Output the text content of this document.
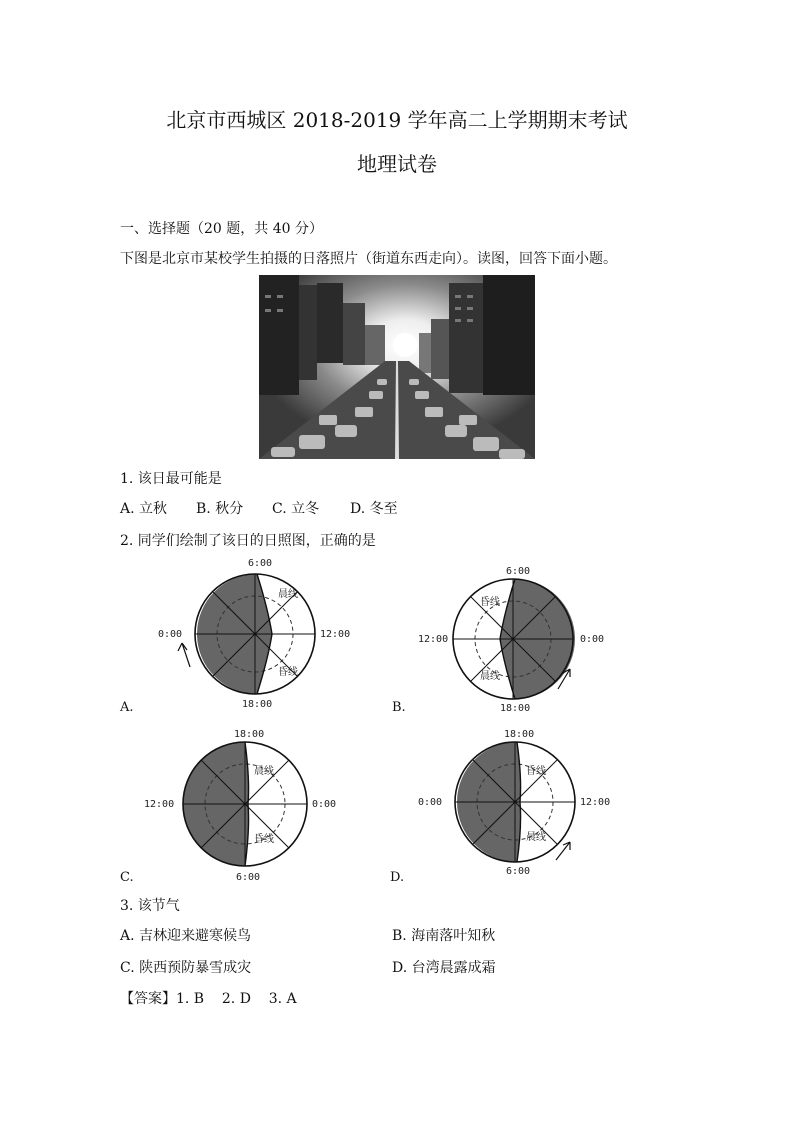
北京市西城区 2018-2019 学年高二上学期期末考试
地理试卷
一、选择题（20 题，共 40 分）
下图是北京市某校学生拍摄的日落照片（街道东西走向）。读图，回答下面小题。
1. 该日最可能是
A. 立秋 B. 秋分 C. 立冬 D. 冬至
2. 同学们绘制了该日的日照图，正确的是
6:00
18:00
0:00	12:00
晨线
昏线
A.
6:00
18:00
12:00	0:00
昏线
晨线
B.
18:00
6:00
12:00	0:00
晨线
昏线
C.
18:00
6:00
0:00	12:00
昏线
晨线
D.
3. 该节气
A. 吉林迎来避寒候鸟	B. 海南落叶知秋
C. 陕西预防暴雪成灾	D. 台湾晨露成霜
【答案】1. B    2. D    3. A
